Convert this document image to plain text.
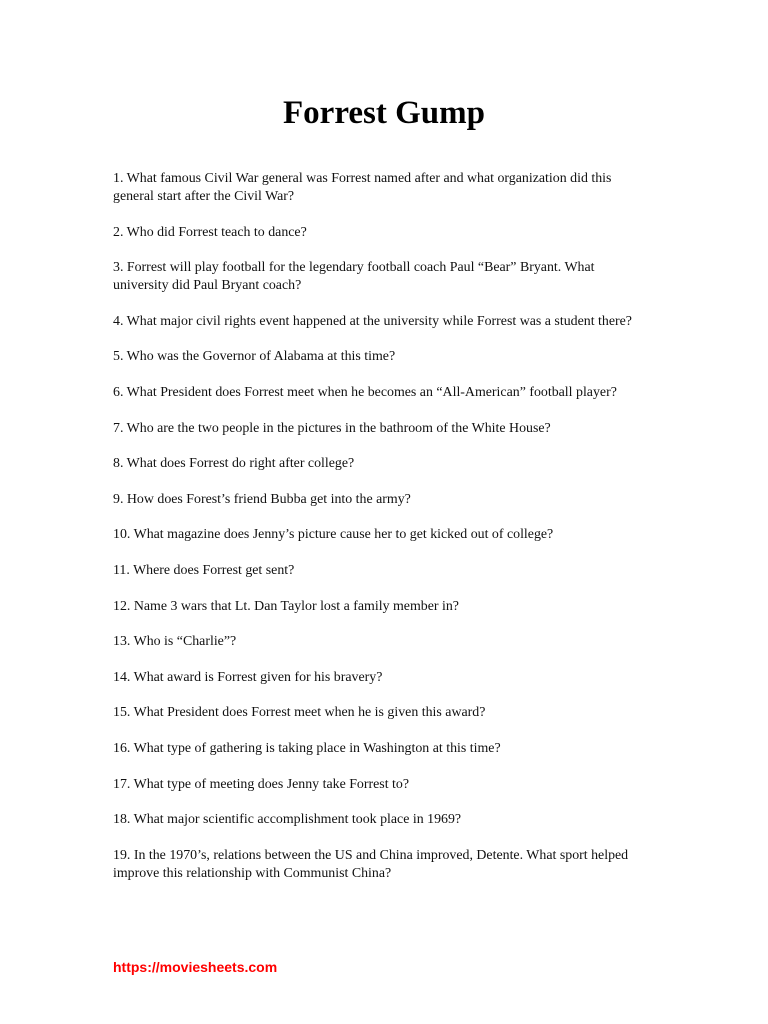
Forrest Gump
1. What famous Civil War general was Forrest named after and what organization did this general start after the Civil War?
2. Who did Forrest teach to dance?
3. Forrest will play football for the legendary football coach Paul “Bear” Bryant. What university did Paul Bryant coach?
4. What major civil rights event happened at the university while Forrest was a student there?
5. Who was the Governor of Alabama at this time?
6. What President does Forrest meet when he becomes an “All-American” football player?
7. Who are the two people in the pictures in the bathroom of the White House?
8. What does Forrest do right after college?
9. How does Forest’s friend Bubba get into the army?
10. What magazine does Jenny’s picture cause her to get kicked out of college?
11. Where does Forrest get sent?
12. Name 3 wars that Lt. Dan Taylor lost a family member in?
13. Who is “Charlie”?
14. What award is Forrest given for his bravery?
15. What President does Forrest meet when he is given this award?
16. What type of gathering is taking place in Washington at this time?
17. What type of meeting does Jenny take Forrest to?
18. What major scientific accomplishment took place in 1969?
19. In the 1970’s, relations between the US and China improved, Detente. What sport helped improve this relationship with Communist China?
https://moviesheets.com
